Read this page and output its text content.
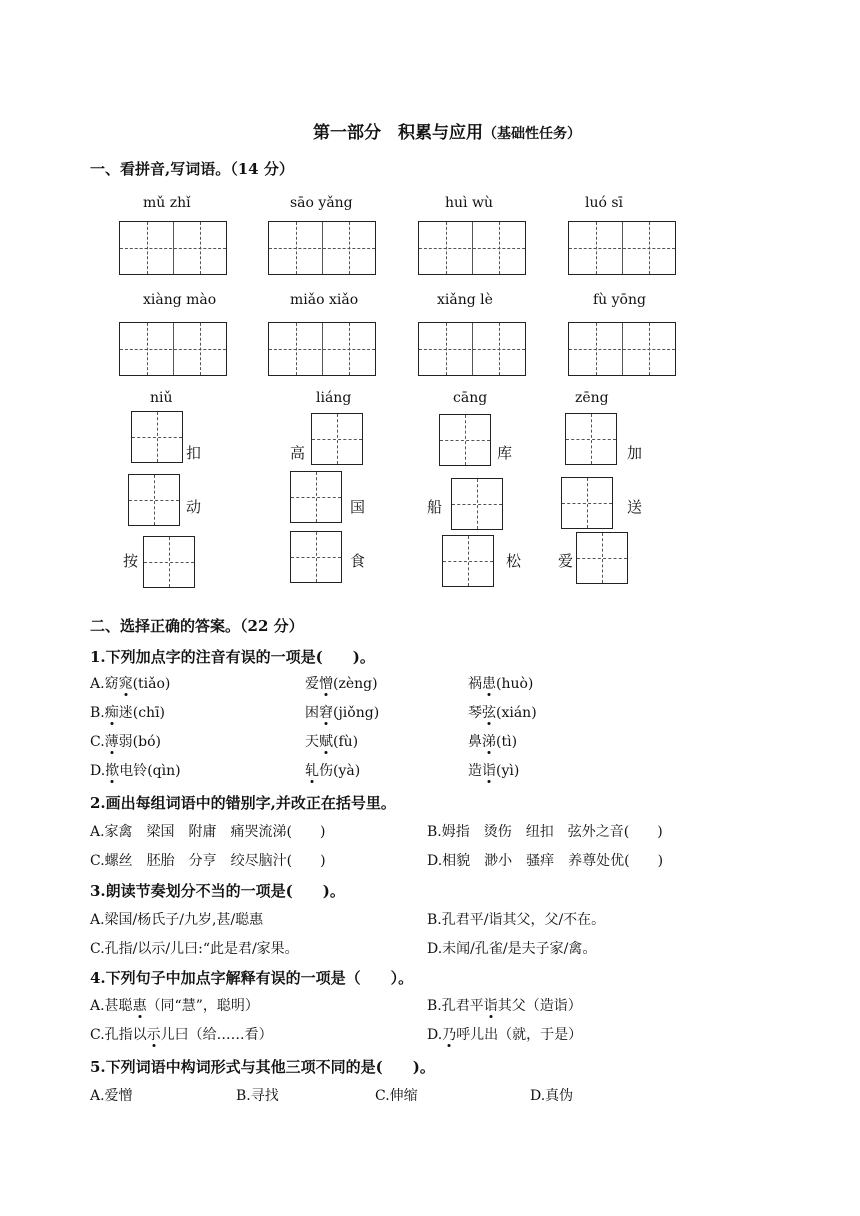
第一部分　积累与应用（基础性任务）
一、看拼音,写词语。（14 分）
mǔ zhǐ	sāo yǎng	huì wù	luó sī
xiàng mào	miǎo xiǎo	xiǎng lè	fù yōng
niǔ	liáng	cāng	zēng
扣	高	库	加
动	国	船	送
按	食	松 爱
二、选择正确的答案。（22 分）
1.下列加点字的注音有误的一项是(　　)。
A.窈窕(tiǎo)	爱憎(zèng)	祸患(huò)
B.痴迷(chī)	困窘(jiǒng)	琴弦(xián)
C.薄弱(bó)	天赋(fù)	鼻涕(tì)
D.揿电铃(qìn)	轧伤(yà)	造诣(yì)
2.画出每组词语中的错别字,并改正在括号里。
A.家禽　梁国　附庸　痛哭流涕(　　)	B.姆指　烫伤　纽扣　弦外之音(　　)
C.螺丝　胚胎　分亨　绞尽脑汁(　　)	D.相貌　渺小　骚痒　养尊处优(　　)
3.朗读节奏划分不当的一项是(　　)。
A.梁国/杨氏子/九岁,甚/聪惠	B.孔君平/诣其父，父/不在。
C.孔指/以示/儿曰:“此是君/家果。	D.未闻/孔雀/是夫子家/禽。
4.下列句子中加点字解释有误的一项是（　　）。
A.甚聪惠（同“慧”，聪明）	B.孔君平诣其父（造诣）
C.孔指以示儿曰（给……看）	D.乃呼儿出（就，于是）
5.下列词语中构词形式与其他三项不同的是(　　)。
A.爱憎	B.寻找	C.伸缩	D.真伪
